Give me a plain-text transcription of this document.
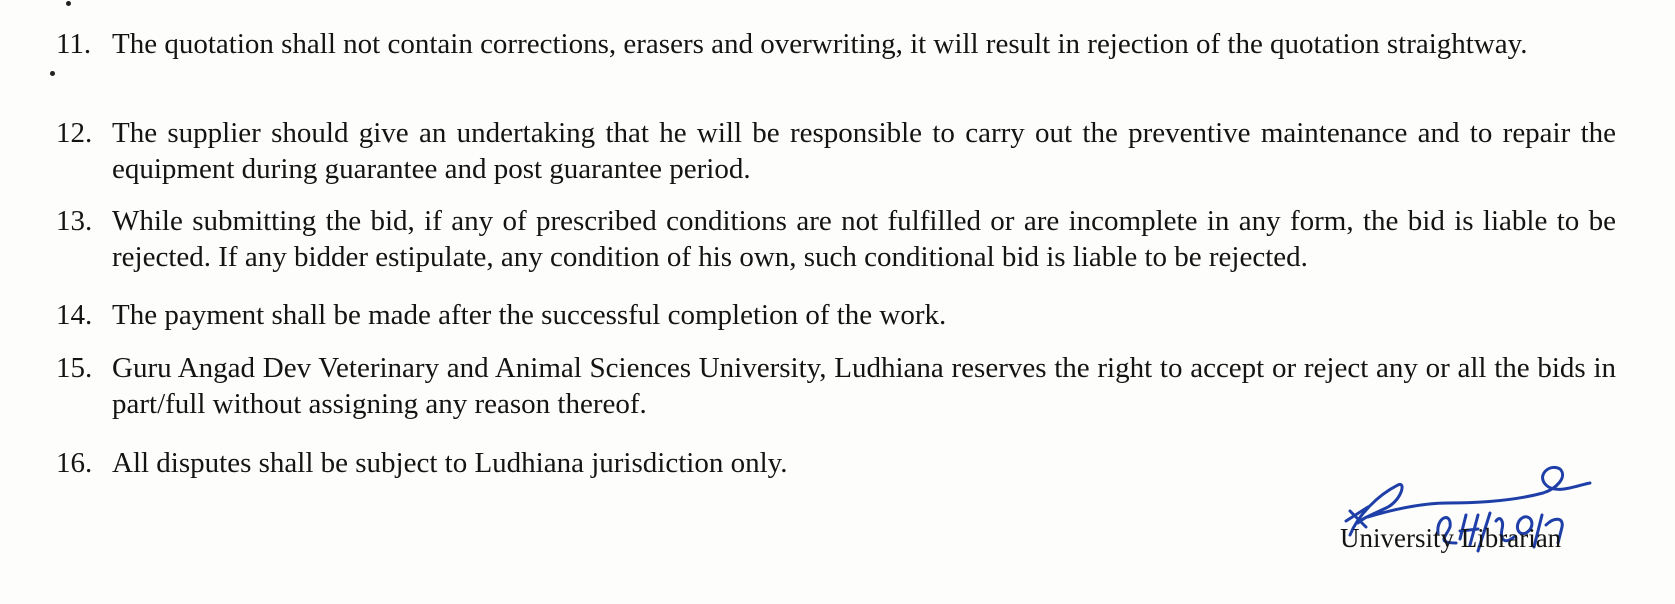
11. The quotation shall not contain corrections, erasers and overwriting, it will result in rejection of the quotation straightway.
12. The supplier should give an undertaking that he will be responsible to carry out the preventive maintenance and to repair the equipment during guarantee and post guarantee period.
13. While submitting the bid, if any of prescribed conditions are not fulfilled or are incomplete in any form, the bid is liable to be rejected. If any bidder estipulate, any condition of his own, such conditional bid is liable to be rejected.
14. The payment shall be made after the successful completion of the work.
15. Guru Angad Dev Veterinary and Animal Sciences University, Ludhiana reserves the right to accept or reject any or all the bids in part/full without assigning any reason thereof.
16. All disputes shall be subject to Ludhiana jurisdiction only.
University Librarian
